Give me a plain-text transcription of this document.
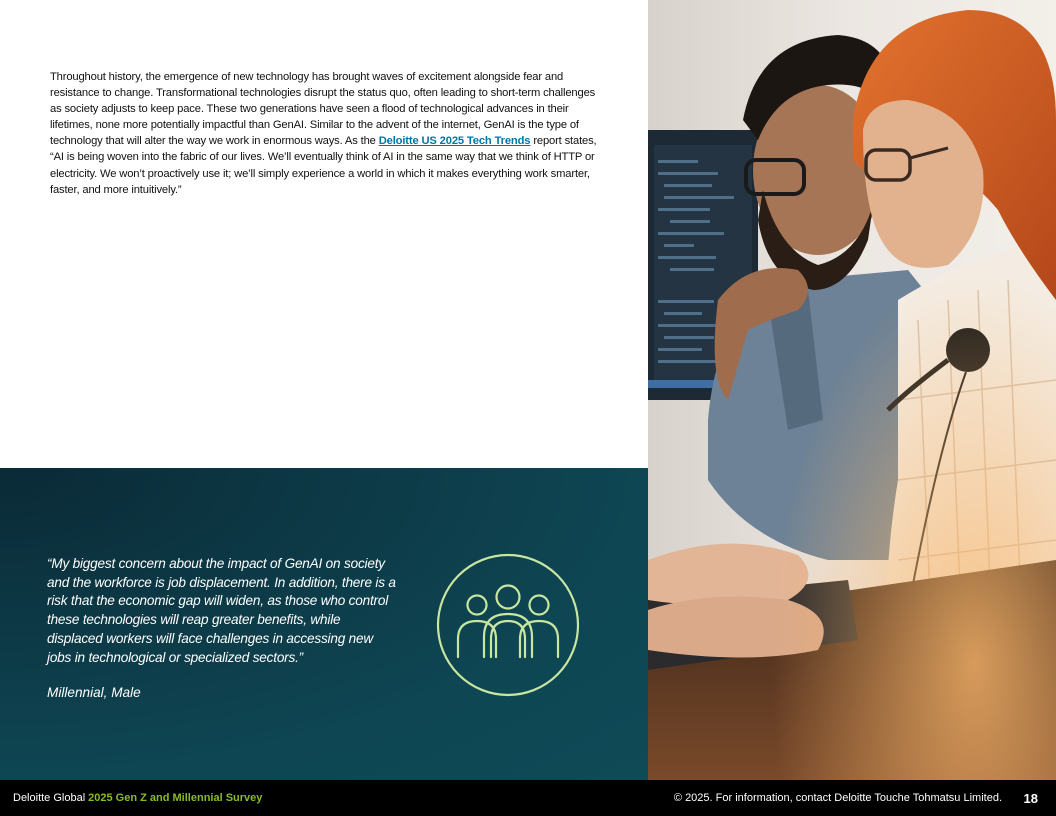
Throughout history, the emergence of new technology has brought waves of excitement alongside fear and resistance to change. Transformational technologies disrupt the status quo, often leading to short-term challenges as society adjusts to keep pace. These two generations have seen a flood of technological advances in their lifetimes, none more potentially impactful than GenAI. Similar to the advent of the internet, GenAI is the type of technology that will alter the way we work in enormous ways. As the Deloitte US 2025 Tech Trends report states, “AI is being woven into the fabric of our lives. We’ll eventually think of AI in the same way that we think of HTTP or electricity. We won’t proactively use it; we’ll simply experience a world in which it makes everything work smarter, faster, and more intuitively.”
“My biggest concern about the impact of GenAI on society and the workforce is job displacement. In addition, there is a risk that the economic gap will widen, as those who control these technologies will reap greater benefits, while displaced workers will face challenges in accessing new jobs in technological or specialized sectors.”
Millennial, Male
Deloitte Global 2025 Gen Z and Millennial Survey	© 2025. For information, contact Deloitte Touche Tohmatsu Limited. 18
